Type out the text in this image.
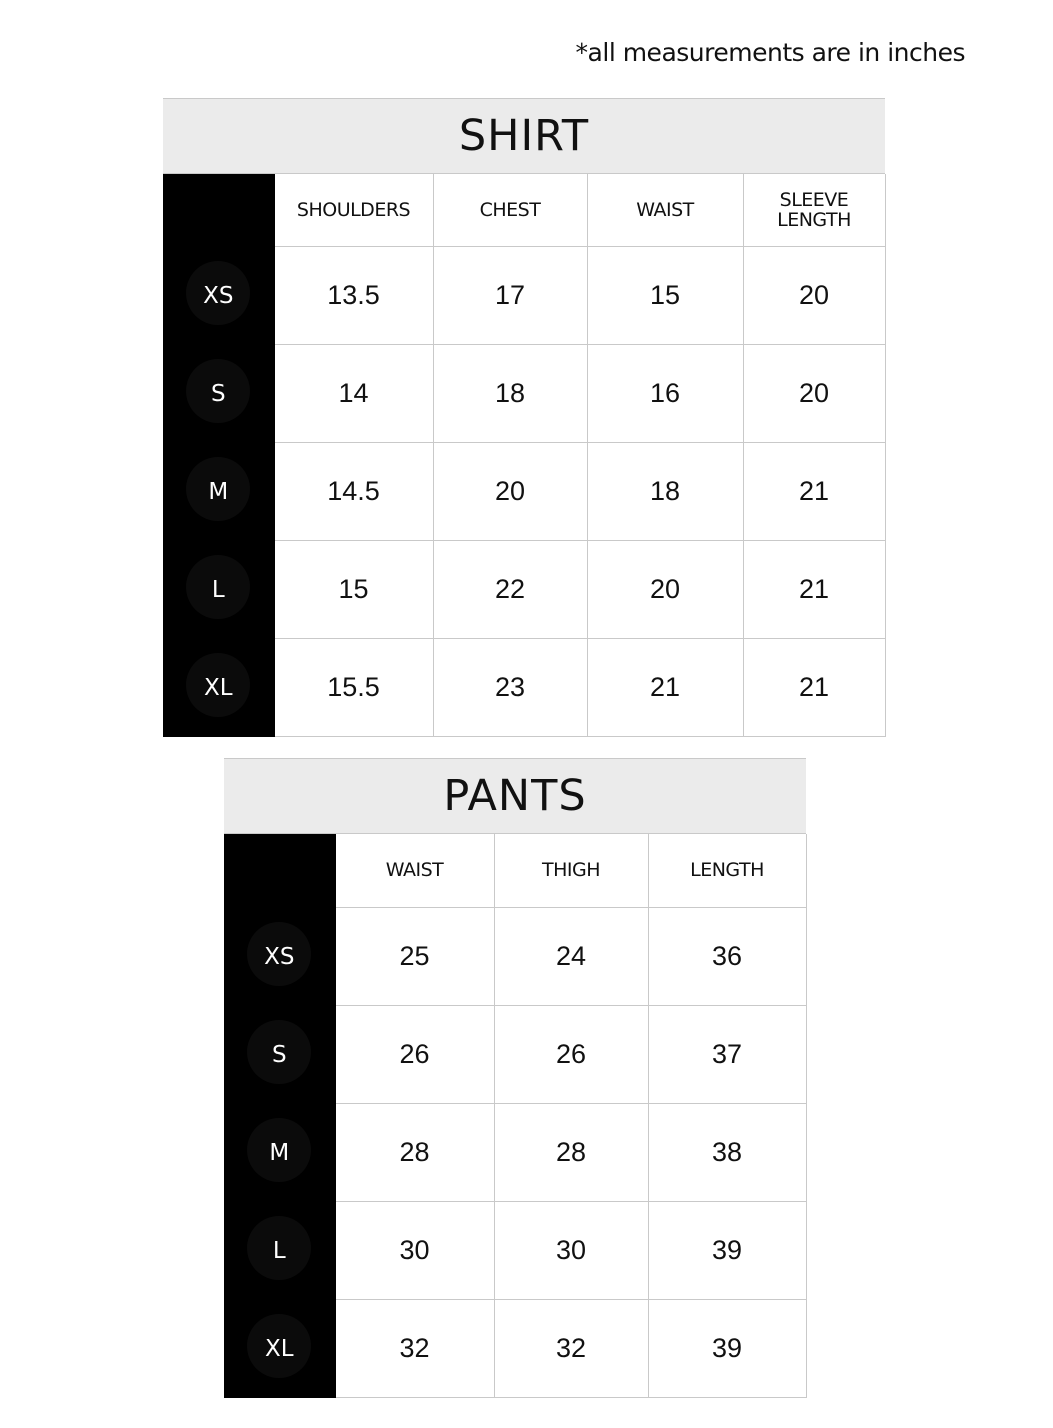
*all measurements are in inches
SHIRT
	SHOULDERS	CHEST	WAIST	SLEEVE
LENGTH

XS	13.5	17	15	20

S	14	18	16	20

M	14.5	20	18	21

L	15	22	20	21

XL	15.5	23	21	21
PANTS
	WAIST	THIGH	LENGTH

XS	25	24	36

S	26	26	37

M	28	28	38

L	30	30	39

XL	32	32	39
